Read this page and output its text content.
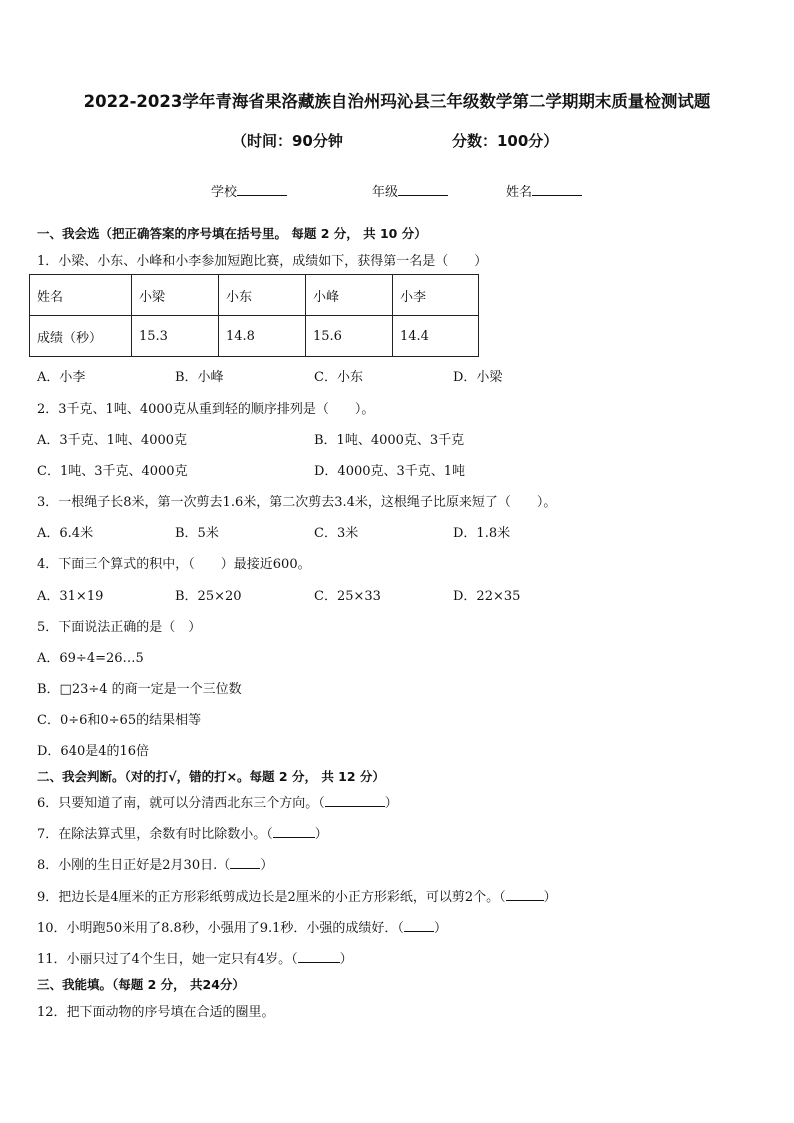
2022-2023学年青海省果洛藏族自治州玛沁县三年级数学第二学期期末质量检测试题
（时间：90分钟	分数：100分）
学校	年级	姓名
一、我会选（把正确答案的序号填在括号里。 每题 2 分， 共 10 分）
1．小梁、小东、小峰和小李参加短跑比赛，成绩如下，获得第一名是（　　）
姓名	小梁	小东	小峰	小李
成绩（秒）	15.3	14.8	15.6	14.4
A．小李	B．小峰	C．小东	D．小梁
2．3千克、1吨、4000克从重到轻的顺序排列是（　　）。
A．3千克、1吨、4000克	B．1吨、4000克、3千克
C．1吨、3千克、4000克	D．4000克、3千克、1吨
3．一根绳子长8米，第一次剪去1.6米，第二次剪去3.4米，这根绳子比原来短了（　　）。
A．6.4米	B．5米	C．3米	D．1.8米
4．下面三个算式的积中，（　　）最接近600。
A．31×19	B．25×20	C．25×33	D．22×35
5．下面说法正确的是（　）
A．69÷4=26…5
B．□23÷4 的商一定是一个三位数
C．0÷6和0÷65的结果相等
D．640是4的16倍
二、我会判断。（对的打√，错的打×。每题 2 分， 共 12 分）
6．只要知道了南，就可以分清西北东三个方向。（	）
7．在除法算式里，余数有时比除数小。（	）
8．小刚的生日正好是2月30日.（ ）
9．把边长是4厘米的正方形彩纸剪成边长是2厘米的小正方形彩纸，可以剪2个。（	）
10．小明跑50米用了8.8秒，小强用了9.1秒．小强的成绩好．（ ）
11．小丽只过了4个生日，她一定只有4岁。（	）
三、我能填。（每题 2 分， 共24分）
12．把下面动物的序号填在合适的圈里。
